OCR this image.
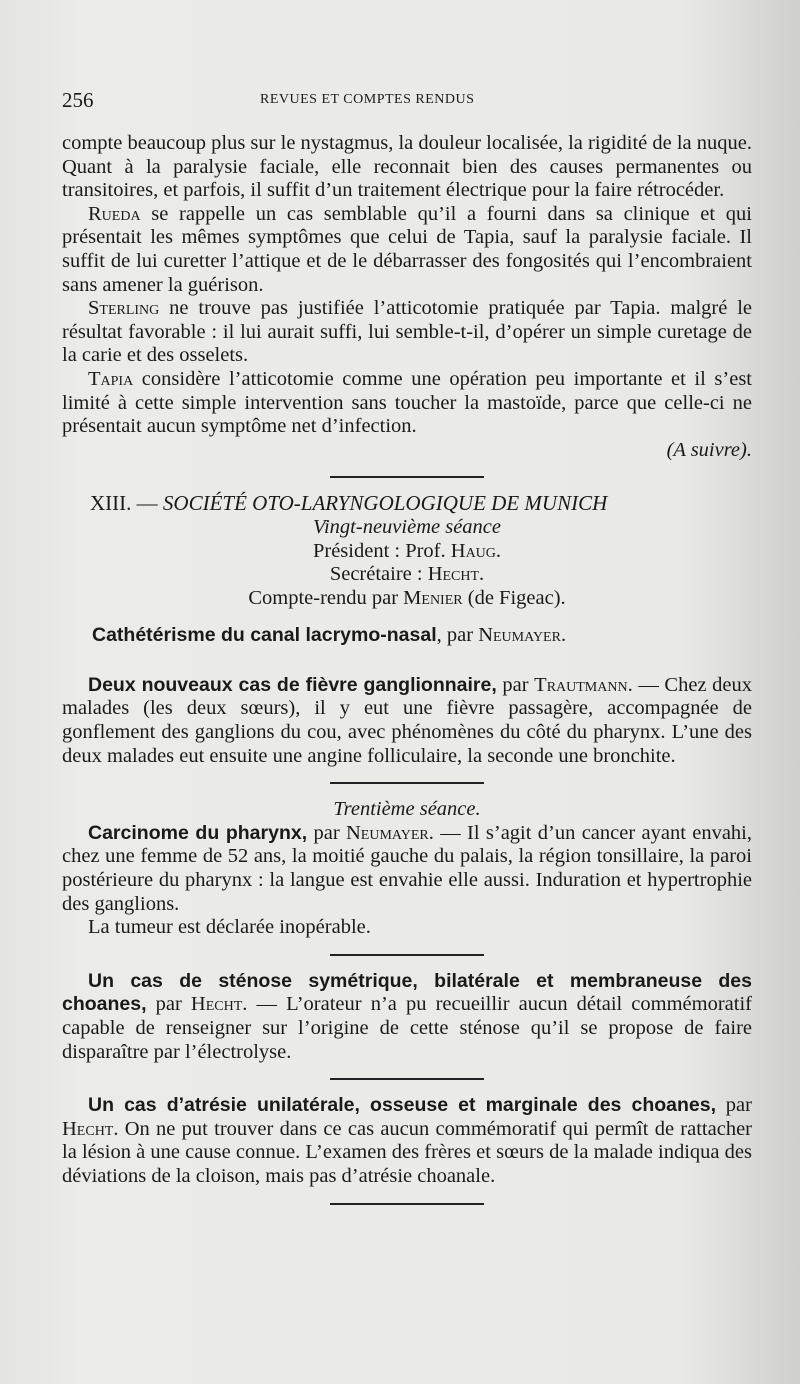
256	REVUES ET COMPTES RENDUS

compte beaucoup plus sur le nystagmus, la douleur localisée, la rigidité de la nuque. Quant à la paralysie faciale, elle reconnait bien des causes permanentes ou transitoires, et parfois, il suffit d’un traitement électrique pour la faire rétrocéder.

Rueda se rappelle un cas semblable qu’il a fourni dans sa clinique et qui présentait les mêmes symptômes que celui de Tapia, sauf la paralysie faciale. Il suffit de lui curetter l’attique et de le débarrasser des fongosités qui l’encombraient sans amener la guérison.

Sterling ne trouve pas justifiée l’atticotomie pratiquée par Tapia. malgré le résultat favorable : il lui aurait suffi, lui semble-t-il, d’opérer un simple curetage de la carie et des osselets.

Tapia considère l’atticotomie comme une opération peu importante et il s’est limité à cette simple intervention sans toucher la mastoïde, parce que celle-ci ne présentait aucun symptôme net d’infection.

(A suivre).

XIII. — SOCIÉTÉ OTO-LARYNGOLOGIQUE DE MUNICH

Vingt-neuvième séance

Président : Prof. Haug.

Secrétaire : Hecht.

Compte-rendu par Menier (de Figeac).

Cathétérisme du canal lacrymo-nasal, par Neumayer.

Deux nouveaux cas de fièvre ganglionnaire, par Trautmann. — Chez deux malades (les deux sœurs), il y eut une fièvre passagère, accompagnée de gonflement des ganglions du cou, avec phénomènes du côté du pharynx. L’une des deux malades eut ensuite une angine folliculaire, la seconde une bronchite.

Trentième séance.

Carcinome du pharynx, par Neumayer. — Il s’agit d’un cancer ayant envahi, chez une femme de 52 ans, la moitié gauche du palais, la région tonsillaire, la paroi postérieure du pharynx : la langue est envahie elle aussi. Induration et hypertrophie des ganglions.

La tumeur est déclarée inopérable.

Un cas de sténose symétrique, bilatérale et membraneuse des choanes, par Hecht. — L’orateur n’a pu recueillir aucun détail commémoratif capable de renseigner sur l’origine de cette sténose qu’il se propose de faire disparaître par l’électrolyse.

Un cas d’atrésie unilatérale, osseuse et marginale des choanes, par Hecht. On ne put trouver dans ce cas aucun commémoratif qui permît de rattacher la lésion à une cause connue. L’examen des frères et sœurs de la malade indiqua des déviations de la cloison, mais pas d’atrésie choanale.
